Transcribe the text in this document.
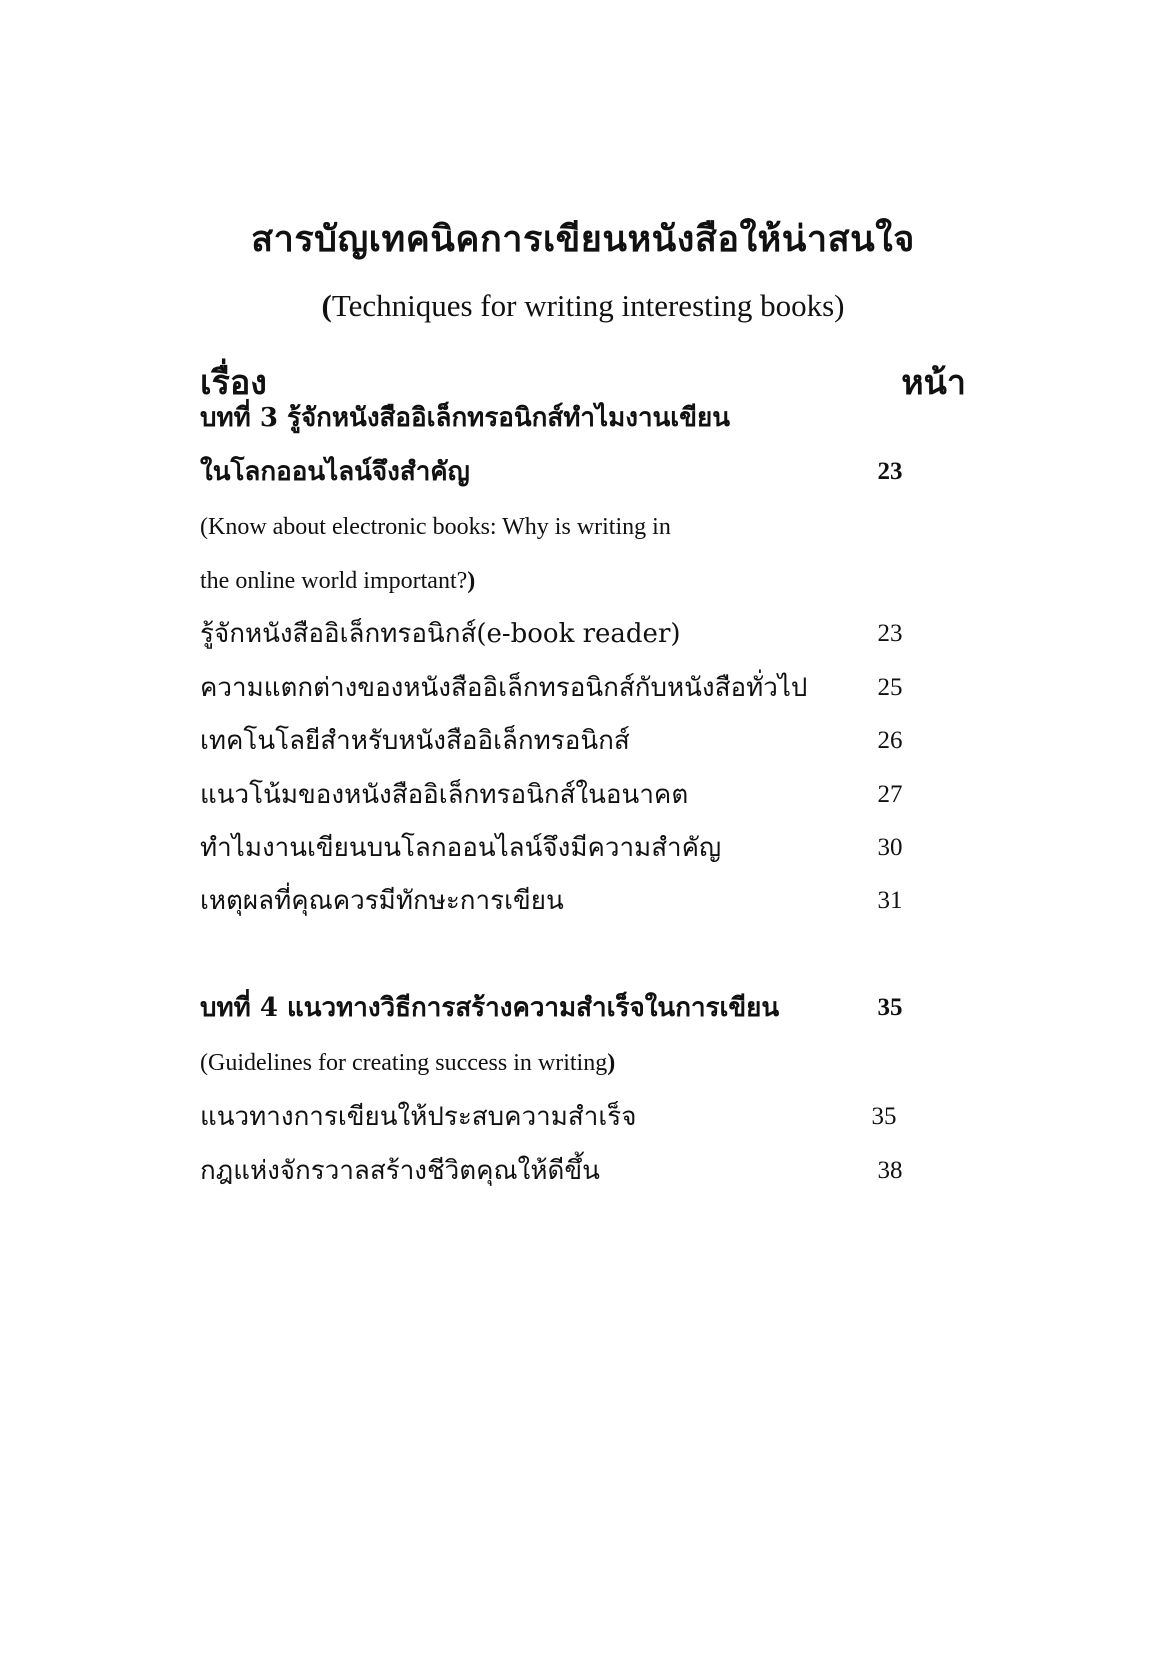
สารบัญเทคนิคการเขียนหนังสือให้น่าสนใจ
(Techniques for writing interesting books)
เรื่อง	หน้า
บทที่ 3 รู้จักหนังสืออิเล็กทรอนิกส์ทำไมงานเขียน
ในโลกออนไลน์จึงสำคัญ	23
(Know about electronic books: Why is writing in
the online world important?)
รู้จักหนังสืออิเล็กทรอนิกส์(e-book reader)	23
ความแตกต่างของหนังสืออิเล็กทรอนิกส์กับหนังสือทั่วไป	25
เทคโนโลยีสำหรับหนังสืออิเล็กทรอนิกส์	26
แนวโน้มของหนังสืออิเล็กทรอนิกส์ในอนาคต	27
ทำไมงานเขียนบนโลกออนไลน์จึงมีความสำคัญ	30
เหตุผลที่คุณควรมีทักษะการเขียน	31
บทที่ 4 แนวทางวิธีการสร้างความสำเร็จในการเขียน	35
(Guidelines for creating success in writing)
แนวทางการเขียนให้ประสบความสำเร็จ	35
กฎแห่งจักรวาลสร้างชีวิตคุณให้ดีขึ้น	38
